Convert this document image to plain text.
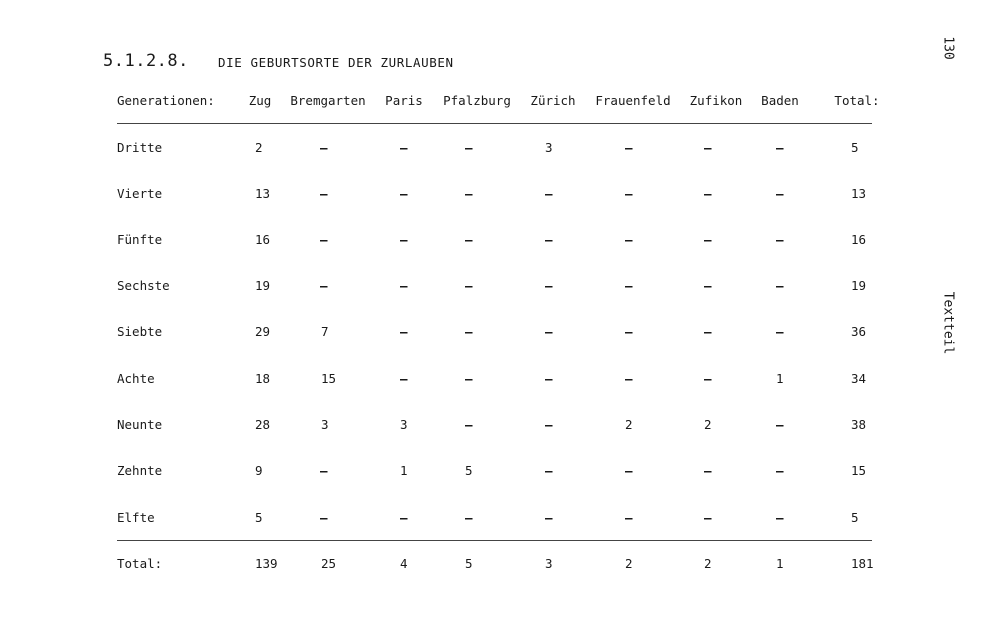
5.1.2.8. DIE GEBURTSORTE DER ZURLAUBEN
130
Textteil
Generationen:	Zug Bremgarten Paris Pfalzburg Zürich Frauenfeld Zufikon Baden	Total:
Dritte	2	–	–	–	3	–	–	–	5
Vierte	13	–	–	–	–	–	–	–	13
Fünfte	16	–	–	–	–	–	–	–	16
Sechste	19	–	–	–	–	–	–	–	19
Siebte	29	7	–	–	–	–	–	–	36
Achte	18	15	–	–	–	–	–	1	34
Neunte	28	3	3	–	–	2	2	–	38
Zehnte	9	–	1	5	–	–	–	–	15
Elfte	5	–	–	–	–	–	–	–	5
Total:	139	25	4	5	3	2	2	1	181
